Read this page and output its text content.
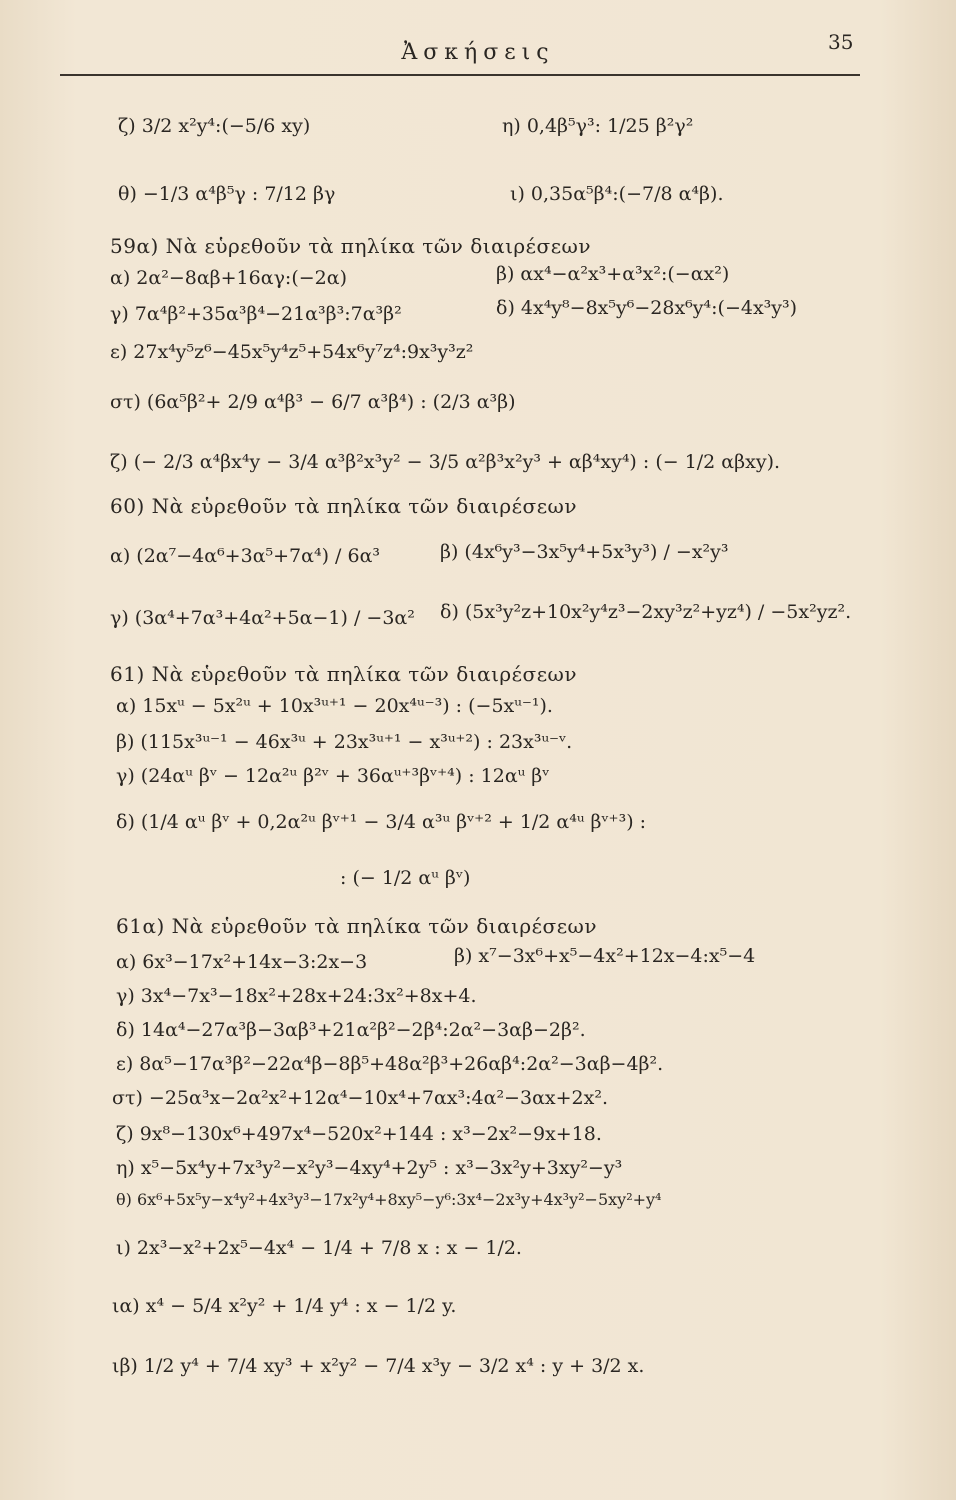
Ἀσκήσεις	35
ζ) 3/2 x²y⁴:(−5/6 xy)	η) 0,4β⁵γ³: 1/25 β²γ²
θ) −1/3 α⁴β⁵γ : 7/12 βγ	ι) 0,35α⁵β⁴:(−7/8 α⁴β).
59α) Νὰ εὑρεθοῦν τὰ πηλίκα τῶν διαιρέσεων
α) 2α²−8αβ+16αγ:(−2α)	β) αx⁴−α²x³+α³x²:(−αx²)
γ) 7α⁴β²+35α³β⁴−21α³β³:7α³β²	δ) 4x⁴y⁸−8x⁵y⁶−28x⁶y⁴:(−4x³y³)
ε) 27x⁴y⁵z⁶−45x⁵y⁴z⁵+54x⁶y⁷z⁴:9x³y³z²
στ) (6α⁵β²+ 2/9 α⁴β³ − 6/7 α³β⁴) : (2/3 α³β)
ζ) (− 2/3 α⁴βx⁴y − 3/4 α³β²x³y² − 3/5 α²β³x²y³ + αβ⁴xy⁴) : (− 1/2 αβxy).
60) Νὰ εὑρεθοῦν τὰ πηλίκα τῶν διαιρέσεων
α) (2α⁷−4α⁶+3α⁵+7α⁴) / 6α³	β) (4x⁶y³−3x⁵y⁴+5x³y³) / −x²y³
γ) (3α⁴+7α³+4α²+5α−1) / −3α² δ) (5x³y²z+10x²y⁴z³−2xy³z²+yz⁴) / −5x²yz².
61) Νὰ εὑρεθοῦν τὰ πηλίκα τῶν διαιρέσεων
α) 15xᵘ − 5x²ᵘ + 10x³ᵘ⁺¹ − 20x⁴ᵘ⁻³) : (−5xᵘ⁻¹).
β) (115x³ᵘ⁻¹ − 46x³ᵘ + 23x³ᵘ⁺¹ − x³ᵘ⁺²) : 23x³ᵘ⁻ᵛ.
γ) (24αᵘ βᵛ − 12α²ᵘ β²ᵛ + 36αᵘ⁺³βᵛ⁺⁴) : 12αᵘ βᵛ
δ) (1/4 αᵘ βᵛ + 0,2α²ᵘ βᵛ⁺¹ − 3/4 α³ᵘ βᵛ⁺² + 1/2 α⁴ᵘ βᵛ⁺³) :
: (− 1/2 αᵘ βᵛ)
61α) Νὰ εὑρεθοῦν τὰ πηλίκα τῶν διαιρέσεων
α) 6x³−17x²+14x−3:2x−3	β) x⁷−3x⁶+x⁵−4x²+12x−4:x⁵−4
γ) 3x⁴−7x³−18x²+28x+24:3x²+8x+4.
δ) 14α⁴−27α³β−3αβ³+21α²β²−2β⁴:2α²−3αβ−2β².
ε) 8α⁵−17α³β²−22α⁴β−8β⁵+48α²β³+26αβ⁴:2α²−3αβ−4β².
στ) −25α³x−2α²x²+12α⁴−10x⁴+7αx³:4α²−3αx+2x².
ζ) 9x⁸−130x⁶+497x⁴−520x²+144 : x³−2x²−9x+18.
η) x⁵−5x⁴y+7x³y²−x²y³−4xy⁴+2y⁵ : x³−3x²y+3xy²−y³
θ) 6x⁶+5x⁵y−x⁴y²+4x³y³−17x²y⁴+8xy⁵−y⁶:3x⁴−2x³y+4x³y²−5xy²+y⁴
ι) 2x³−x²+2x⁵−4x⁴ − 1/4 + 7/8 x : x − 1/2.
ια) x⁴ − 5/4 x²y² + 1/4 y⁴ : x − 1/2 y.
ιβ) 1/2 y⁴ + 7/4 xy³ + x²y² − 7/4 x³y − 3/2 x⁴ : y + 3/2 x.
